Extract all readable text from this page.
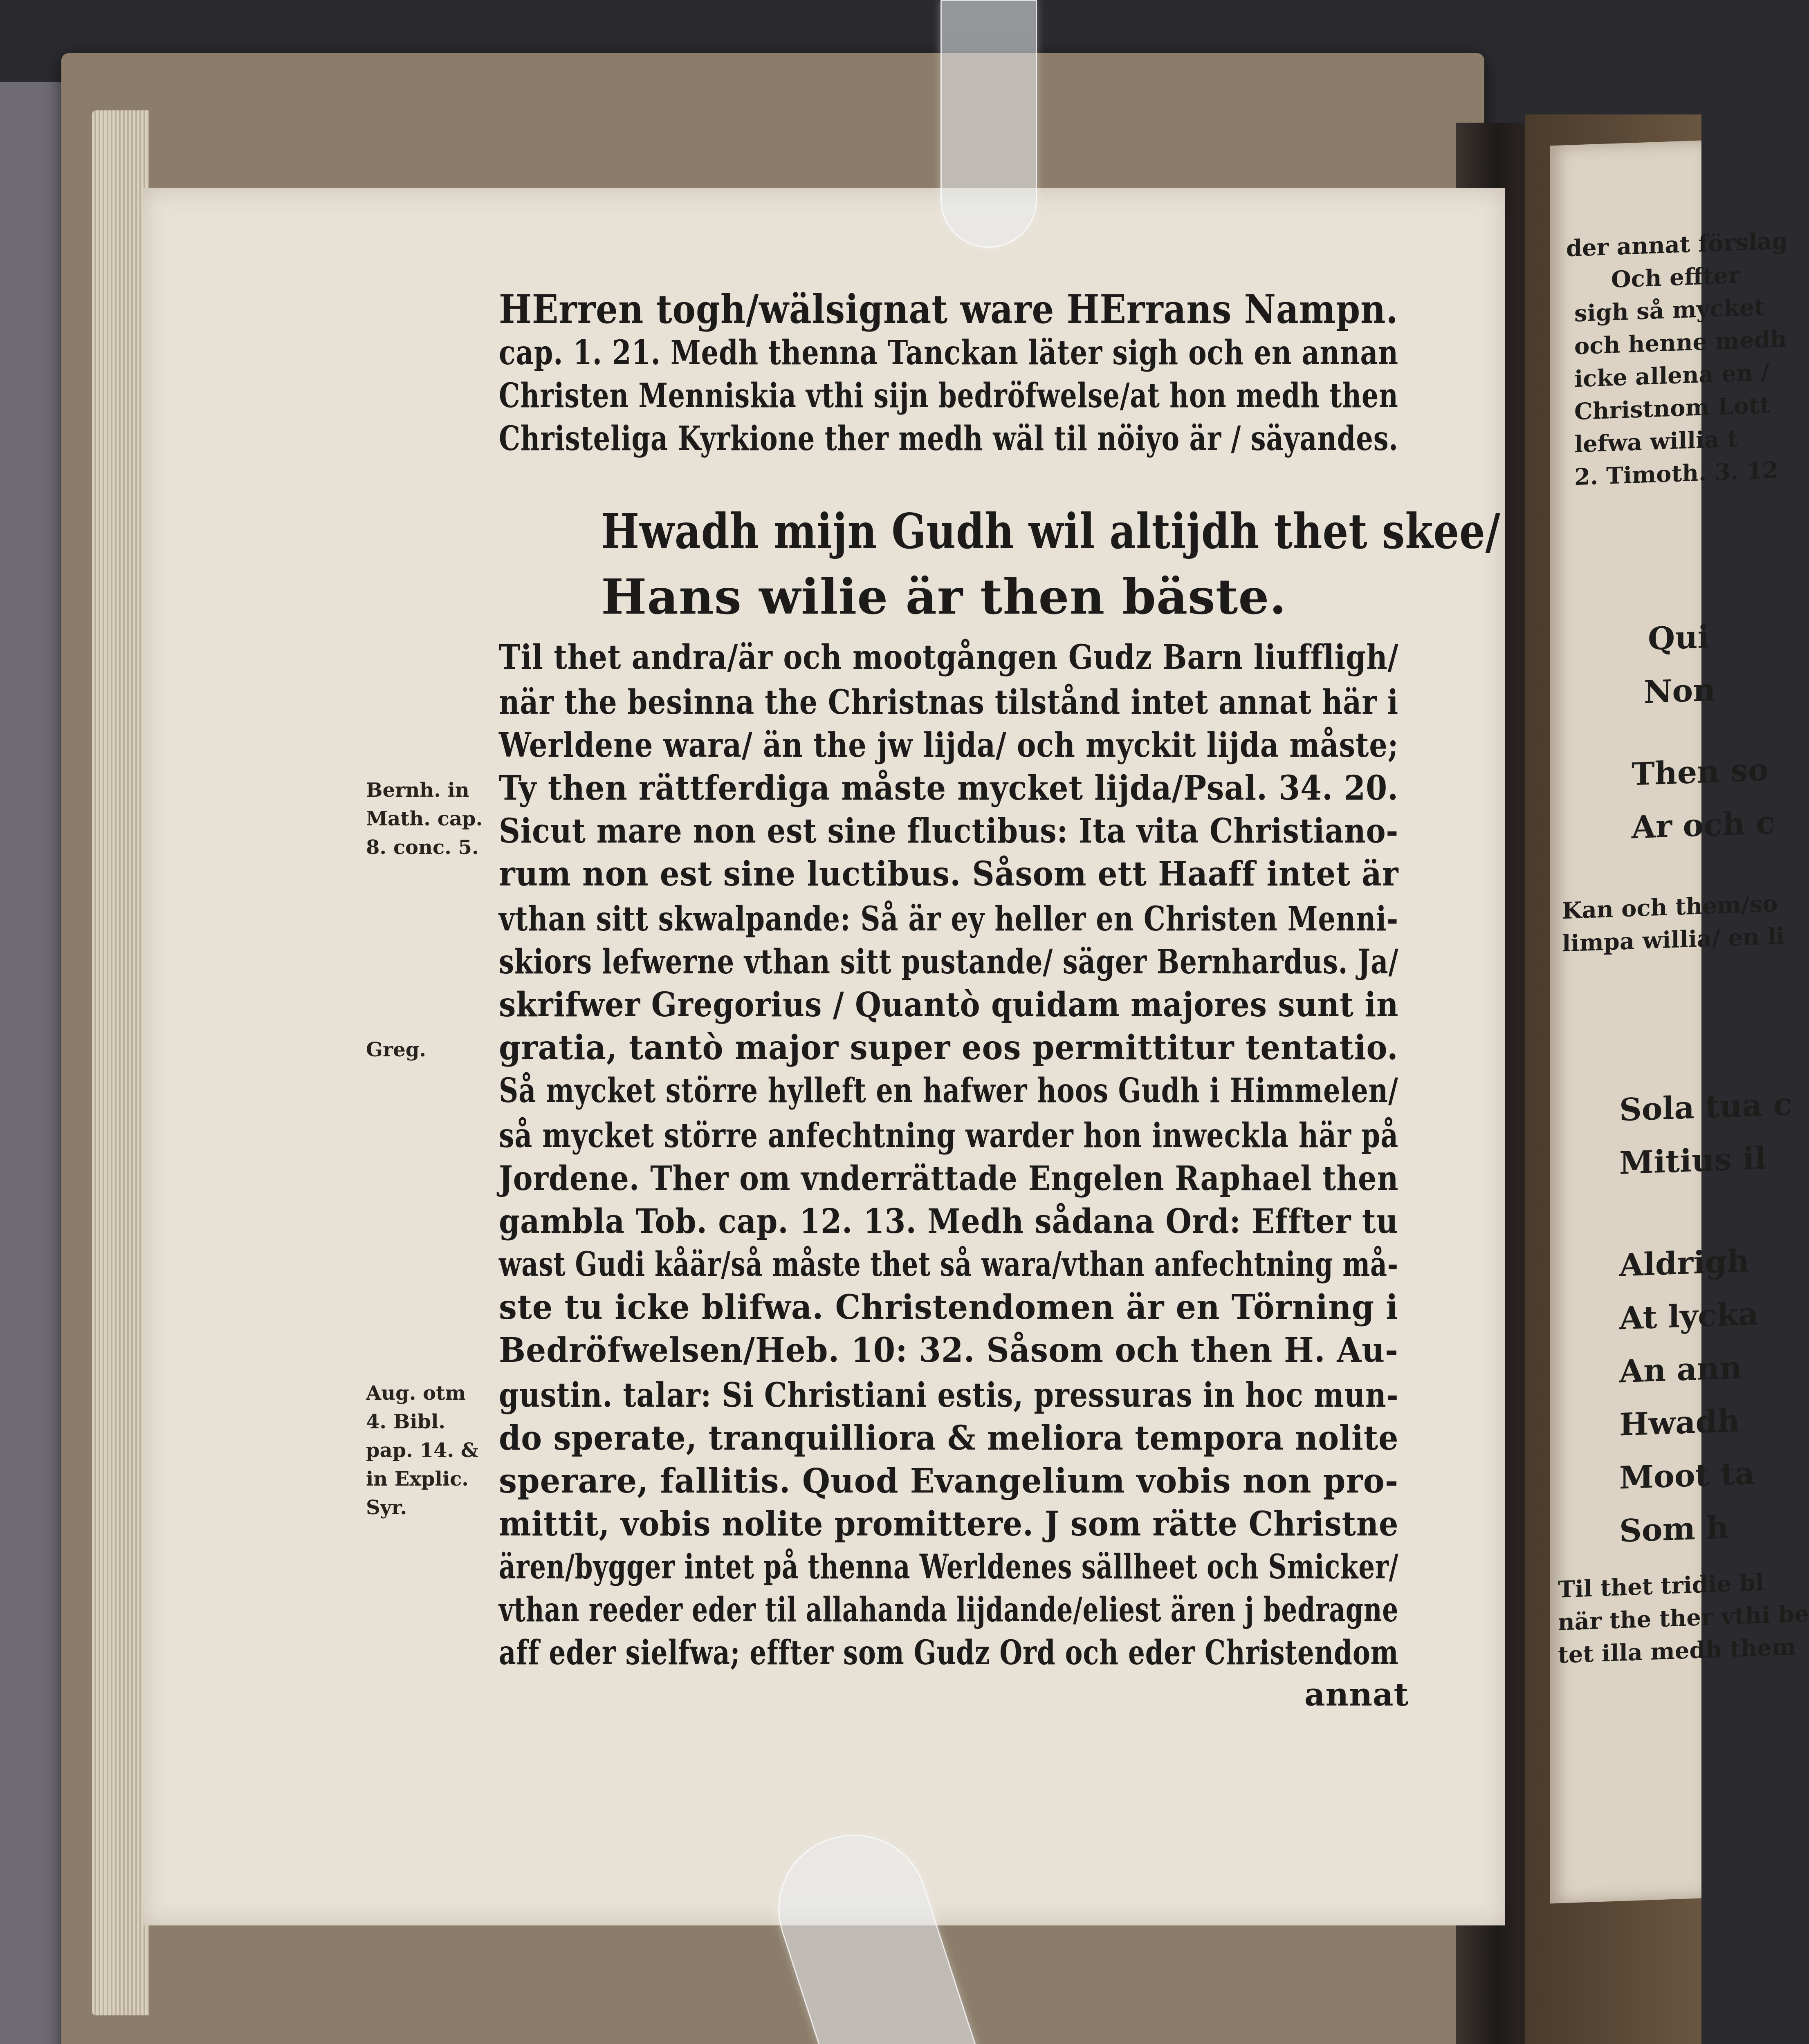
HErren togh/wälsignat ware HErrans Nampn.
cap. 1. 21. Medh thenna Tanckan läter sigh och en annan
Christen Menniskia vthi sijn bedröfwelse/at hon medh then
Christeliga Kyrkione ther medh wäl til nöiyo är / säyandes.
Hwadh mijn Gudh wil altijdh thet skee/
Hans wilie är then bäste.
Til thet andra/är och mootgången Gudz Barn liuffligh/
när the besinna the Christnas tilstånd intet annat här i
Werldene wara/ än the jw lijda/ och myckit lijda måste;
Ty then rättferdiga måste mycket lijda/Psal. 34. 20.
Sicut mare non est sine fluctibus: Ita vita Christiano-
rum non est sine luctibus. Såsom ett Haaff intet är
vthan sitt skwalpande: Så är ey heller en Christen Menni-
skiors lefwerne vthan sitt pustande/ säger Bernhardus. Ja/
skrifwer Gregorius / Quantò quidam majores sunt in
gratia, tantò major super eos permittitur tentatio.
Så mycket större hylleft en hafwer hoos Gudh i Himmelen/
så mycket större anfechtning warder hon inweckla här på
Jordene. Ther om vnderrättade Engelen Raphael then
gambla Tob. cap. 12. 13. Medh sådana Ord: Effter tu
wast Gudi kåär/så måste thet så wara/vthan anfechtning må-
ste tu icke blifwa. Christendomen är en Törning i
Bedröfwelsen/Heb. 10: 32. Såsom och then H. Au-
gustin. talar: Si Christiani estis, pressuras in hoc mun-
do sperate, tranquilliora & meliora tempora nolite
sperare, fallitis. Quod Evangelium vobis non pro-
mittit, vobis nolite promittere. J som rätte Christne
ären/bygger intet på thenna Werldenes sällheet och Smicker/
vthan reeder eder til allahanda lijdande/eliest ären j bedragne
aff eder sielfwa; effter som Gudz Ord och eder Christendom
annat
Bernh. in
Math. cap.
8. conc. 5.
Greg.
Aug. otm
4. Bibl.
pap. 14. &
in Explic.
Syr.
der annat förslag
Och effter
sigh så mycket
och henne medh
icke allena en /
Christnom Lott
lefwa willia t
2. Timoth. 3. 12
Qui
Non
Then so
Ar och c
Kan och them/so
limpa willia/ en li
Sola tua c
Mitius il
Aldrigh
At lycka
An ann
Hwadh
Moot ta
Som h
Til thet tridie bl
när the ther vthi be
tet illa medh them
